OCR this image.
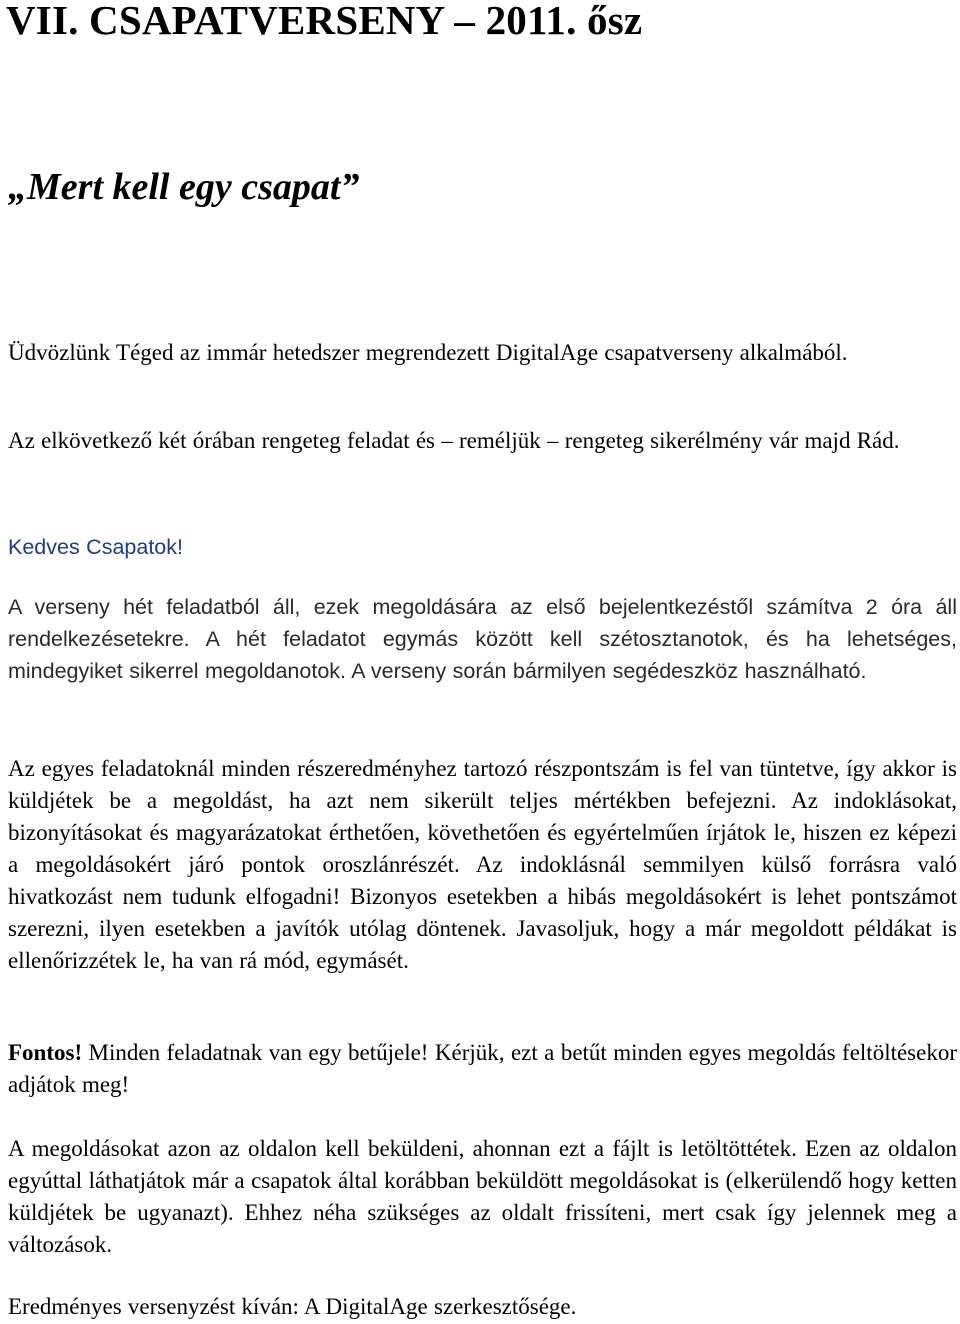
VII. CSAPATVERSENY – 2011. ősz
„Mert kell egy csapat”

Üdvözlünk Téged az immár hetedszer megrendezett DigitalAge csapatverseny alkalmából.

Az elkövetkező két órában rengeteg feladat és – reméljük – rengeteg sikerélmény vár majd Rád.

Kedves Csapatok!

A verseny hét feladatból áll, ezek megoldására az első bejelentkezéstől számítva 2 óra áll rendelkezésetekre. A hét feladatot egymás között kell szétosztanotok, és ha lehetséges, mindegyiket sikerrel megoldanotok. A verseny során bármilyen segédeszköz használható.

Az egyes feladatoknál minden részeredményhez tartozó részpontszám is fel van tüntetve, így akkor is küldjétek be a megoldást, ha azt nem sikerült teljes mértékben befejezni. Az indoklásokat, bizonyításokat és magyarázatokat érthetően, követhetően és egyértelműen írjátok le, hiszen ez képezi a megoldásokért járó pontok oroszlánrészét. Az indoklásnál semmilyen külső forrásra való hivatkozást nem tudunk elfogadni! Bizonyos esetekben a hibás megoldásokért is lehet pontszámot szerezni, ilyen esetekben a javítók utólag döntenek. Javasoljuk, hogy a már megoldott példákat is ellenőrizzétek le, ha van rá mód, egymásét.

Fontos! Minden feladatnak van egy betűjele! Kérjük, ezt a betűt minden egyes megoldás feltöltésekor adjátok meg!

A megoldásokat azon az oldalon kell beküldeni, ahonnan ezt a fájlt is letöltöttétek. Ezen az oldalon egyúttal láthatjátok már a csapatok által korábban beküldött megoldásokat is (elkerülendő hogy ketten küldjétek be ugyanazt). Ehhez néha szükséges az oldalt frissíteni, mert csak így jelennek meg a változások.

Eredményes versenyzést kíván: A DigitalAge szerkesztősége.
